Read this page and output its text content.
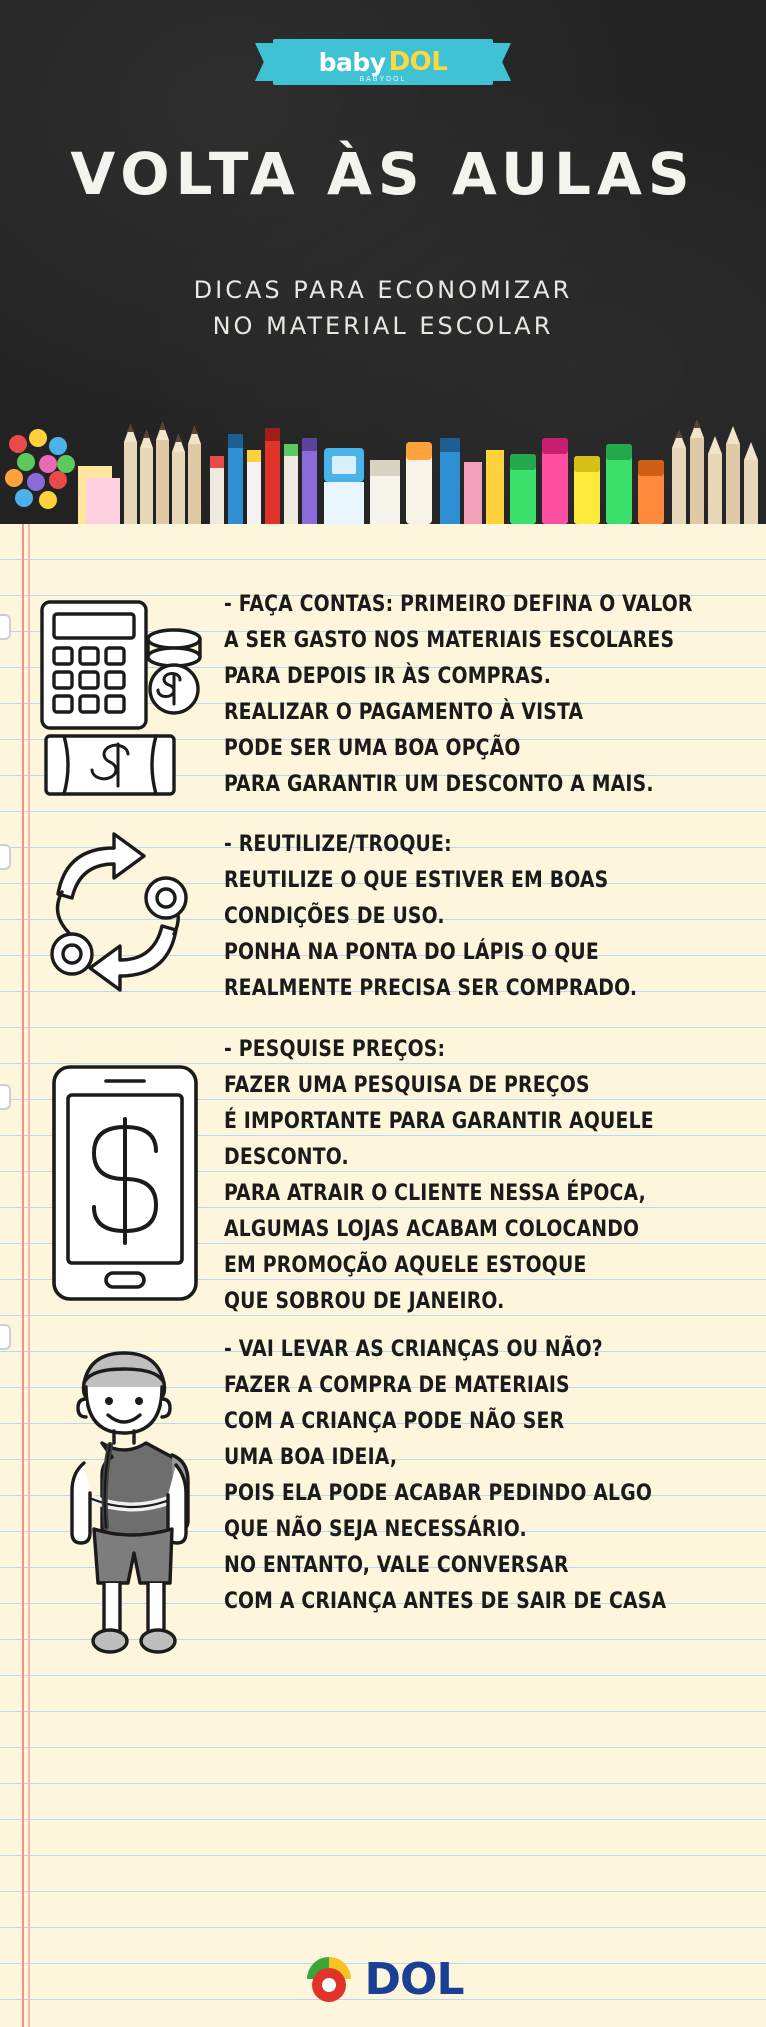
baby DOL
BABYDOL
VOLTA ÀS AULAS
DICAS PARA ECONOMIZAR
NO MATERIAL ESCOLAR
- FAÇA CONTAS: PRIMEIRO DEFINA O VALOR
A SER GASTO NOS MATERIAIS ESCOLARES
PARA DEPOIS IR ÀS COMPRAS.
REALIZAR O PAGAMENTO À VISTA
PODE SER UMA BOA OPÇÃO
PARA GARANTIR UM DESCONTO A MAIS.
- REUTILIZE/TROQUE:
REUTILIZE O QUE ESTIVER EM BOAS
CONDIÇÕES DE USO.
PONHA NA PONTA DO LÁPIS O QUE
REALMENTE PRECISA SER COMPRADO.
- PESQUISE PREÇOS:
FAZER UMA PESQUISA DE PREÇOS
É IMPORTANTE PARA GARANTIR AQUELE
DESCONTO.
PARA ATRAIR O CLIENTE NESSA ÉPOCA,
ALGUMAS LOJAS ACABAM COLOCANDO
EM PROMOÇÃO AQUELE ESTOQUE
QUE SOBROU DE JANEIRO.
- VAI LEVAR AS CRIANÇAS OU NÃO?
FAZER A COMPRA DE MATERIAIS
COM A CRIANÇA PODE NÃO SER
UMA BOA IDEIA,
POIS ELA PODE ACABAR PEDINDO ALGO
QUE NÃO SEJA NECESSÁRIO.
NO ENTANTO, VALE CONVERSAR
COM A CRIANÇA ANTES DE SAIR DE CASA
DOL
